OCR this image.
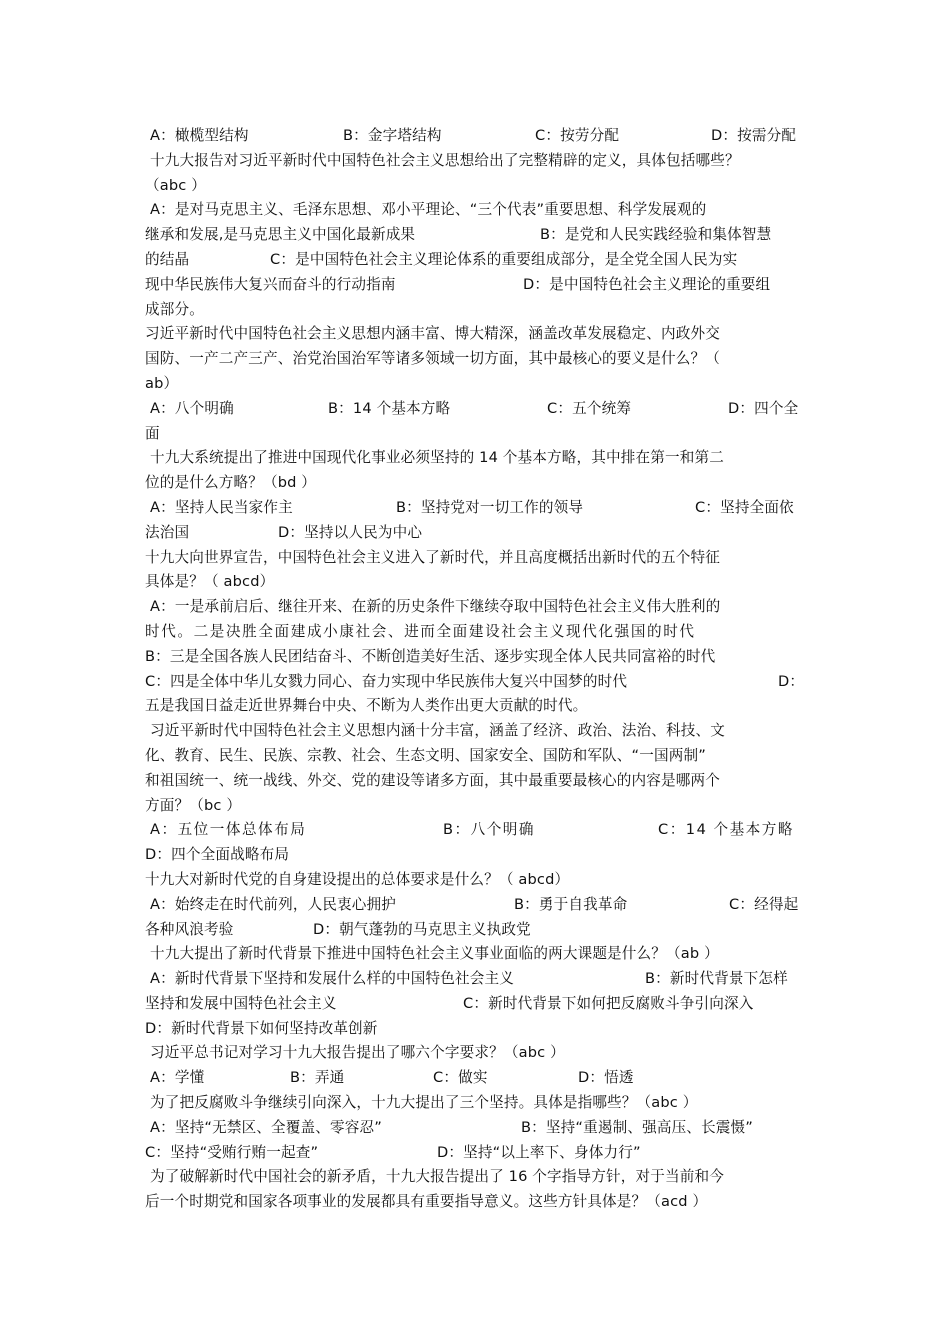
A：橄榄型结构	B：金字塔结构	C：按劳分配	D：按需分配
十九大报告对习近平新时代中国特色社会主义思想给出了完整精辟的定义，具体包括哪些？
（abc ）
A：是对马克思主义、毛泽东思想、邓小平理论、“三个代表”重要思想、科学发展观的
继承和发展,是马克思主义中国化最新成果	B：是党和人民实践经验和集体智慧
的结晶	C：是中国特色社会主义理论体系的重要组成部分，是全党全国人民为实
现中华民族伟大复兴而奋斗的行动指南	D：是中国特色社会主义理论的重要组
成部分。
习近平新时代中国特色社会主义思想内涵丰富、博大精深，涵盖改革发展稳定、内政外交
国防、一产二产三产、治党治国治军等诸多领域一切方面，其中最核心的要义是什么？（
ab）
A：八个明确	B：14 个基本方略	C：五个统筹	D：四个全
面
十九大系统提出了推进中国现代化事业必须坚持的 14 个基本方略，其中排在第一和第二
位的是什么方略？（bd ）
A：坚持人民当家作主	B：坚持党对一切工作的领导	C：坚持全面依
法治国	D：坚持以人民为中心
十九大向世界宣告，中国特色社会主义进入了新时代，并且高度概括出新时代的五个特征
具体是？（ abcd）
A：一是承前启后、继往开来、在新的历史条件下继续夺取中国特色社会主义伟大胜利的
时代。二是决胜全面建成小康社会、进而全面建设社会主义现代化强国的时代
B：三是全国各族人民团结奋斗、不断创造美好生活、逐步实现全体人民共同富裕的时代
C：四是全体中华儿女戮力同心、奋力实现中华民族伟大复兴中国梦的时代	D：
五是我国日益走近世界舞台中央、不断为人类作出更大贡献的时代。
习近平新时代中国特色社会主义思想内涵十分丰富，涵盖了经济、政治、法治、科技、文
化、教育、民生、民族、宗教、社会、生态文明、国家安全、国防和军队、“一国两制”
和祖国统一、统一战线、外交、党的建设等诸多方面，其中最重要最核心的内容是哪两个
方面？（bc ）
A：五位一体总体布局	B：八个明确	C：14 个基本方略
D：四个全面战略布局
十九大对新时代党的自身建设提出的总体要求是什么？（ abcd）
A：始终走在时代前列，人民衷心拥护	B：勇于自我革命	C：经得起
各种风浪考验	D：朝气蓬勃的马克思主义执政党
十九大提出了新时代背景下推进中国特色社会主义事业面临的两大课题是什么？（ab ）
A：新时代背景下坚持和发展什么样的中国特色社会主义	B：新时代背景下怎样
坚持和发展中国特色社会主义	C：新时代背景下如何把反腐败斗争引向深入
D：新时代背景下如何坚持改革创新
习近平总书记对学习十九大报告提出了哪六个字要求？（abc ）
A：学懂	B：弄通	C：做实	D：悟透
为了把反腐败斗争继续引向深入，十九大提出了三个坚持。具体是指哪些？（abc ）
A：坚持“无禁区、全覆盖、零容忍”	B：坚持“重遏制、强高压、长震慑”
C：坚持“受贿行贿一起查”	D：坚持“以上率下、身体力行”
为了破解新时代中国社会的新矛盾，十九大报告提出了 16 个字指导方针，对于当前和今
后一个时期党和国家各项事业的发展都具有重要指导意义。这些方针具体是？（acd ）
